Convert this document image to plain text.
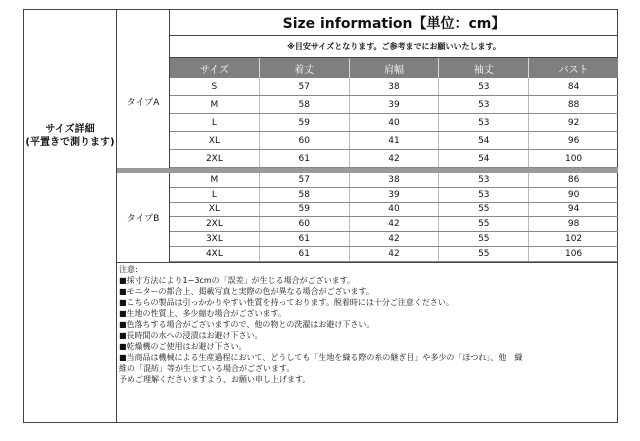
サイズ詳細
(平置きで測ります)
Size information【単位：cm】
※目安サイズとなります。ご参考までにお願いいたします。
タイプA
タイプB
サイズ	着丈	肩幅	袖丈	バスト
S	57	38	53	84
M	58	39	53	88
L	59	40	53	92
XL	60	41	54	96
2XL	61	42	54	100
M	57	38	53	86
L	58	39	53	90
XL	59	40	55	94
2XL	60	42	55	98
3XL	61	42	55	102
4XL	61	42	55	106
注意:
■採寸方法により1−3cmの「誤差」が生じる場合がございます。
■モニターの都合上、掲載写真と実際の色が異なる場合がございます。
■こちらの製品は引っかかりやすい性質を持っております。脱着時には十分ご注意ください。
■生地の性質上、多少縮む場合がございます。
■色落ちする場合がございますので、他の物との洗濯はお避け下さい。
■長時間の水への浸漬はお避け下さい。
■乾燥機のご使用はお避け下さい。
■当商品は機械による生産過程において、どうしても「生地を織る際の糸の継ぎ目」や多少の「ほつれ」、他　織
維の「混紡」等が生じている場合がございます。
予めご理解くださいますよう、お願い申し上げます。
